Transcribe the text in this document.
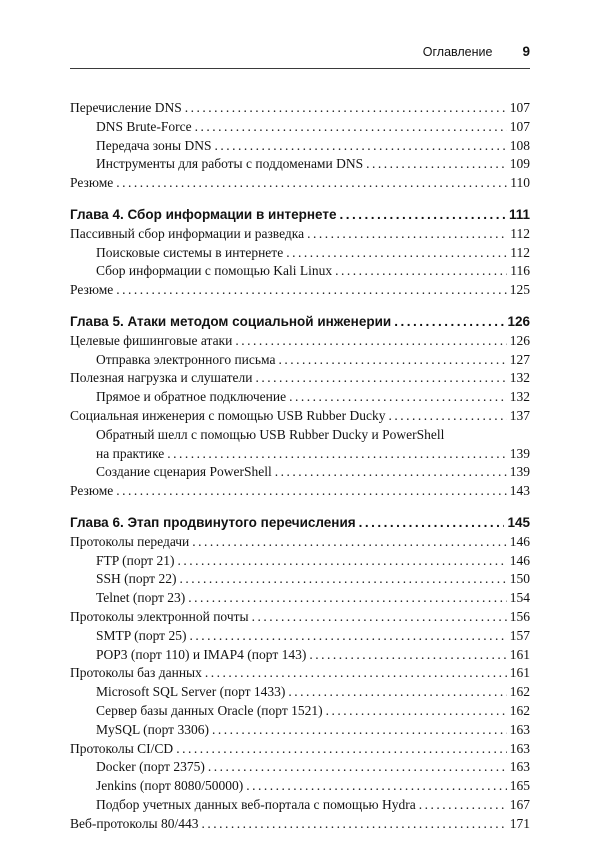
Оглавление 9
Перечисление DNS .....	107
DNS Brute-Force .....	107
Передача зоны DNS .....	108
Инструменты для работы с поддоменами DNS .....	109
Резюме .....	110
Глава 4. Сбор информации в интернете .....	111
Пассивный сбор информации и разведка .....	112
Поисковые системы в интернете .....	112
Сбор информации с помощью Kali Linux .....	116
Резюме .....	125
Глава 5. Атаки методом социальной инженерии .....	126
Целевые фишинговые атаки .....	126
Отправка электронного письма .....	127
Полезная нагрузка и слушатели .....	132
Прямое и обратное подключение .....	132
Социальная инженерия с помощью USB Rubber Ducky .....	137
Обратный шелл с помощью USB Rubber Ducky и PowerShell
на практике .....	139
Создание сценария PowerShell .....	139
Резюме .....	143
Глава 6. Этап продвинутого перечисления .....	145
Протоколы передачи .....	146
FTP (порт 21) .....	146
SSH (порт 22) .....	150
Telnet (порт 23) .....	154
Протоколы электронной почты .....	156
SMTP (порт 25) .....	157
POP3 (порт 110) и IMAP4 (порт 143) .....	161
Протоколы баз данных .....	161
Microsoft SQL Server (порт 1433) .....	162
Сервер базы данных Oracle (порт 1521) .....	162
MySQL (порт 3306) .....	163
Протоколы CI/CD .....	163
Docker (порт 2375) .....	163
Jenkins (порт 8080/50000) .....	165
Подбор учетных данных веб-портала с помощью Hydra .....	167
Веб-протоколы 80/443 .....	171
